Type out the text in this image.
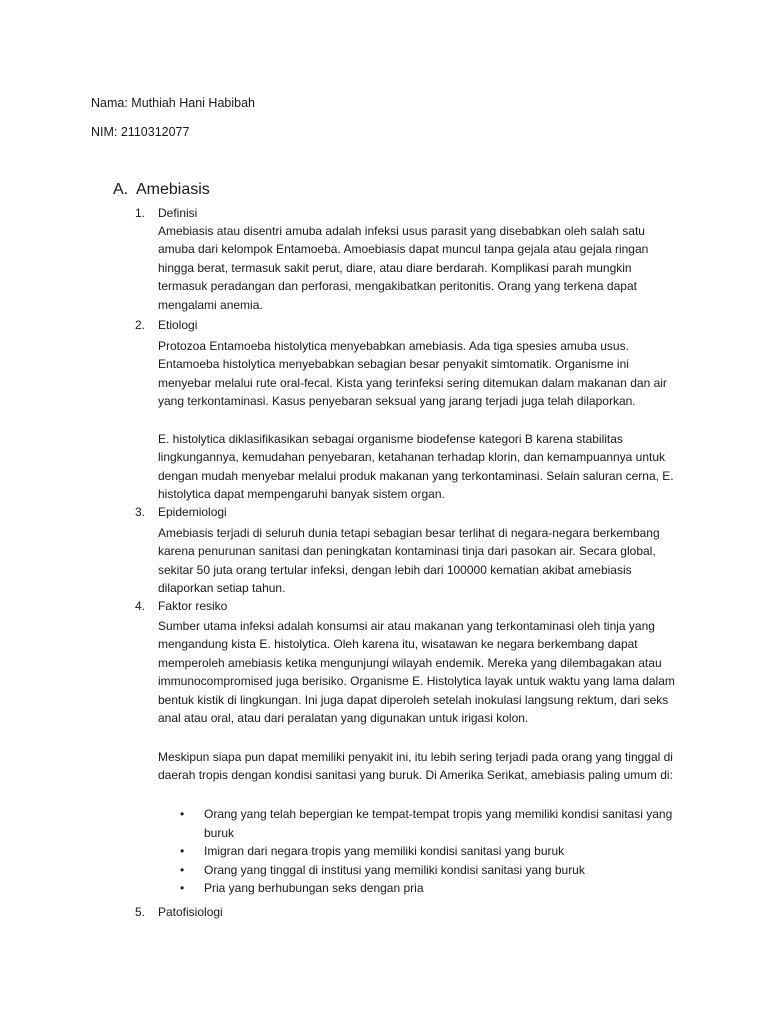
Nama: Muthiah Hani Habibah
NIM: 2110312077
A. Amebiasis
1. Definisi

Amebiasis atau disentri amuba adalah infeksi usus parasit yang disebabkan oleh salah satu amuba dari kelompok Entamoeba. Amoebiasis dapat muncul tanpa gejala atau gejala ringan hingga berat, termasuk sakit perut, diare, atau diare berdarah. Komplikasi parah mungkin termasuk peradangan dan perforasi, mengakibatkan peritonitis. Orang yang terkena dapat mengalami anemia.

2. Etiologi

Protozoa Entamoeba histolytica menyebabkan amebiasis. Ada tiga spesies amuba usus. Entamoeba histolytica menyebabkan sebagian besar penyakit simtomatik. Organisme ini menyebar melalui rute oral-fecal. Kista yang terinfeksi sering ditemukan dalam makanan dan air yang terkontaminasi. Kasus penyebaran seksual yang jarang terjadi juga telah dilaporkan.

E. histolytica diklasifikasikan sebagai organisme biodefense kategori B karena stabilitas lingkungannya, kemudahan penyebaran, ketahanan terhadap klorin, dan kemampuannya untuk dengan mudah menyebar melalui produk makanan yang terkontaminasi. Selain saluran cerna, E. histolytica dapat mempengaruhi banyak sistem organ.

3. Epidemiologi

Amebiasis terjadi di seluruh dunia tetapi sebagian besar terlihat di negara-negara berkembang karena penurunan sanitasi dan peningkatan kontaminasi tinja dari pasokan air. Secara global, sekitar 50 juta orang tertular infeksi, dengan lebih dari 100000 kematian akibat amebiasis dilaporkan setiap tahun.

4. Faktor resiko

Sumber utama infeksi adalah konsumsi air atau makanan yang terkontaminasi oleh tinja yang mengandung kista E. histolytica. Oleh karena itu, wisatawan ke negara berkembang dapat memperoleh amebiasis ketika mengunjungi wilayah endemik. Mereka yang dilembagakan atau immunocompromised juga berisiko. Organisme E. Histolytica layak untuk waktu yang lama dalam bentuk kistik di lingkungan. Ini juga dapat diperoleh setelah inokulasi langsung rektum, dari seks anal atau oral, atau dari peralatan yang digunakan untuk irigasi kolon.

Meskipun siapa pun dapat memiliki penyakit ini, itu lebih sering terjadi pada orang yang tinggal di daerah tropis dengan kondisi sanitasi yang buruk. Di Amerika Serikat, amebiasis paling umum di:

• Orang yang telah bepergian ke tempat-tempat tropis yang memiliki kondisi sanitasi yang buruk
• Imigran dari negara tropis yang memiliki kondisi sanitasi yang buruk
• Orang yang tinggal di institusi yang memiliki kondisi sanitasi yang buruk
• Pria yang berhubungan seks dengan pria
5. Patofisiologi
